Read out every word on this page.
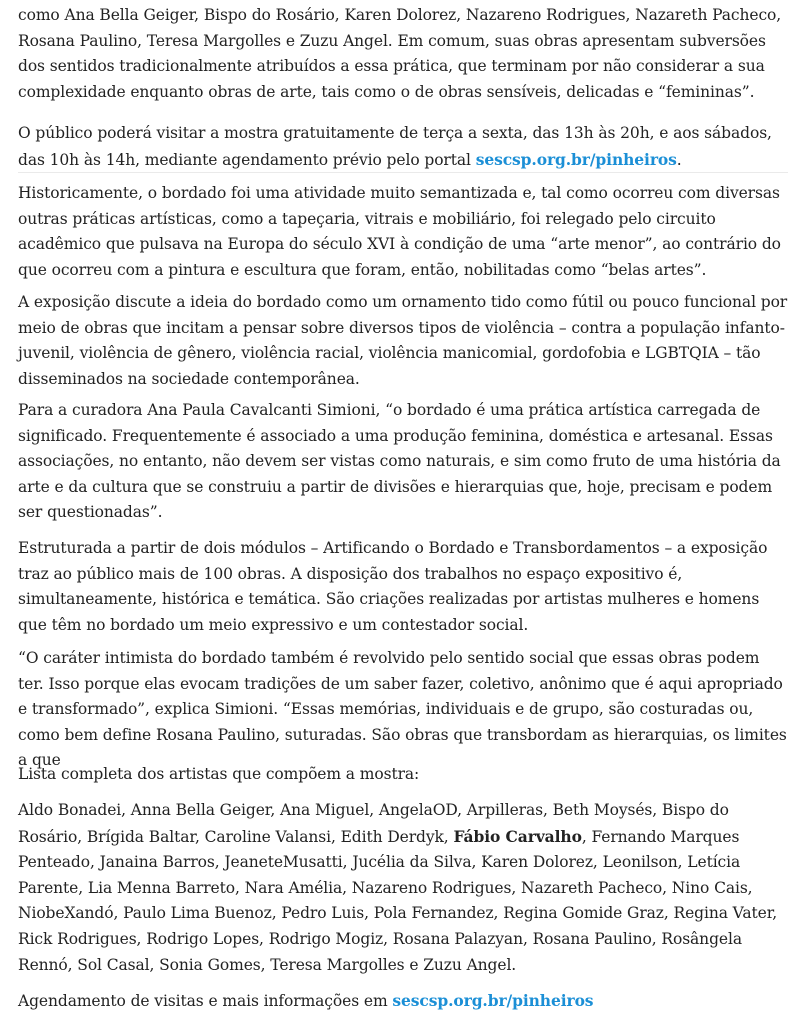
como Ana Bella Geiger, Bispo do Rosário, Karen Dolorez, Nazareno Rodrigues, Nazareth Pacheco, Rosana Paulino, Teresa Margolles e Zuzu Angel. Em comum, suas obras apresentam subversões dos sentidos tradicionalmente atribuídos a essa prática, que terminam por não considerar a sua complexidade enquanto obras de arte, tais como o de obras sensíveis, delicadas e “femininas”.

O público poderá visitar a mostra gratuitamente de terça a sexta, das 13h às 20h, e aos sábados, das 10h às 14h, mediante agendamento prévio pelo portal sescsp.org.br/pinheiros.

Historicamente, o bordado foi uma atividade muito semantizada e, tal como ocorreu com diversas outras práticas artísticas, como a tapeçaria, vitrais e mobiliário, foi relegado pelo circuito acadêmico que pulsava na Europa do século XVI à condição de uma “arte menor”, ao contrário do que ocorreu com a pintura e escultura que foram, então, nobilitadas como “belas artes”.

A exposição discute a ideia do bordado como um ornamento tido como fútil ou pouco funcional por meio de obras que incitam a pensar sobre diversos tipos de violência – contra a população infanto-juvenil, violência de gênero, violência racial, violência manicomial, gordofobia e LGBTQIA – tão disseminados na sociedade contemporânea.

Para a curadora Ana Paula Cavalcanti Simioni, “o bordado é uma prática artística carregada de significado. Frequentemente é associado a uma produção feminina, doméstica e artesanal. Essas associações, no entanto, não devem ser vistas como naturais, e sim como fruto de uma história da arte e da cultura que se construiu a partir de divisões e hierarquias que, hoje, precisam e podem ser questionadas”.

Estruturada a partir de dois módulos – Artificando o Bordado e Transbordamentos – a exposição traz ao público mais de 100 obras. A disposição dos trabalhos no espaço expositivo é, simultaneamente, histórica e temática. São criações realizadas por artistas mulheres e homens que têm no bordado um meio expressivo e um contestador social.

“O caráter intimista do bordado também é revolvido pelo sentido social que essas obras podem ter. Isso porque elas evocam tradições de um saber fazer, coletivo, anônimo que é aqui apropriado e transformado”, explica Simioni. “Essas memórias, individuais e de grupo, são costuradas ou, como bem define Rosana Paulino, suturadas. São obras que transbordam as hierarquias, os limites a que

Lista completa dos artistas que compõem a mostra:

Aldo Bonadei, Anna Bella Geiger, Ana Miguel, AngelaOD, Arpilleras, Beth Moysés, Bispo do Rosário, Brígida Baltar, Caroline Valansi, Edith Derdyk, Fábio Carvalho, Fernando Marques Penteado, Janaina Barros, JeaneteMusatti, Jucélia da Silva, Karen Dolorez, Leonilson, Letícia Parente, Lia Menna Barreto, Nara Amélia, Nazareno Rodrigues, Nazareth Pacheco, Nino Cais, NiobeXandó, Paulo Lima Buenoz, Pedro Luis, Pola Fernandez, Regina Gomide Graz, Regina Vater, Rick Rodrigues, Rodrigo Lopes, Rodrigo Mogiz, Rosana Palazyan, Rosana Paulino, Rosângela Rennó, Sol Casal, Sonia Gomes, Teresa Margolles e Zuzu Angel.

Agendamento de visitas e mais informações em sescsp.org.br/pinheiros
